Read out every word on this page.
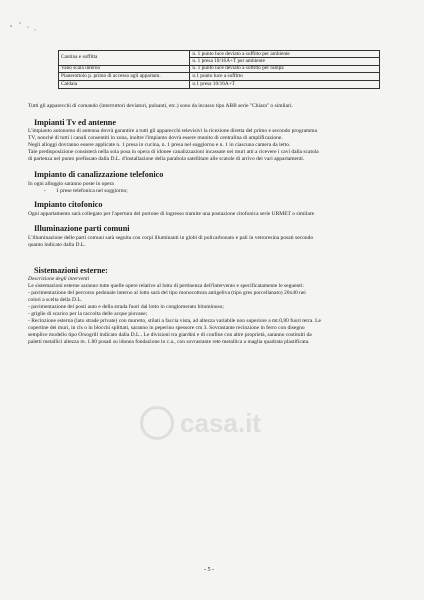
Cantina e soffitta	n. 1 punto luce deviato a soffitto per ambiente
n. 1 presa 10/16A+T per ambiente

Vano scala interno	n. 1 punto luce deviato a soffitto per rampa
Pianerottolo p. primo di accesso agli appartam.	n.1 punto luce a soffitto
Caldaia	n.1 presa 10/16A+T
Tutti gli apparecchi di comando (interruttori deviatori, pulsanti, etc.) sono da incasso tipo ABB serie "Chiara" o similari.
Impianti Tv ed antenne
L'impianto autonomo di antenna dovrà garantire a tutti gli apparecchi televisivi la ricezione diretta del primo e secondo programma
TV, nonché di tutti i canali consentiti in zona, inoltre l'impianto dovrà essere munito di centralina di amplificazione.
Negli alloggi dovranno essere applicate n. 1 presa in cucina, n. 1 presa nel soggiorno e n. 1 in ciascuna camera da letto.
Tale predisposizione consisterà nella sola posa in opera di idonee canalizzazioni incassate nei muri atti a ricevere i cavi dalla scatola
di partenza nel punto prefissato dalla D.L. d'installazione della parabola satellitare alle scatole di arrivo dei vari appartamenti.
Impianto di canalizzazione telefonico
In ogni alloggio saranno poste in opera
- 1 prese telefonica nel soggiorno;
Impianto citofonico
Ogni appartamento sarà collegato per l'apertura del portone di ingresso tramite una postazione citofonica serie URMET o similare
Illuminazione parti comuni
L'illuminazione delle parti comuni sarà seguita con corpi illuminanti in globi di policarbonato e pali in vetroresina posati secondo
quanto indicato dalla D.L.
Sistemazioni esterne:
Descrizione degli interventi
Le sistemazioni esterne saranno tutte quelle opere relative al lotto di pertinenza dell'intervento e specificatamente le seguenti:
- pavimentazione del percorso pedonale interno al lotto sarà del tipo monocottura antigeliva (tipo gres porcellanato) 20x40 nei
colori a scelta della D.L.
- pavimentazione dei posti auto e della strada fuori dal lotto in conglomerato bituminoso;
- griglie di scarico per la raccolta delle acque piovane;
- Recinzione esterna (lato strade private) con muretto, stilati a faccia vista, ad altezza variabile non superiore a mt.0,80 fuori terra. Le
copertine dei muri, in cls o in blocchi splittati, saranno in peperino spessore cm 3. Sovrastante recinzione in ferro con disegno
semplice modello tipo Orsogrill indicato dalla D.L.. Le divisioni tra giardini e di confine con altre proprietà, saranno costituiti da
paletti metallici altezza m. 1.80 posati su idonea fondazione in c.a., con sovrastante rete metallica a maglia quadrata plastificata.
casa.it
- 5 -
